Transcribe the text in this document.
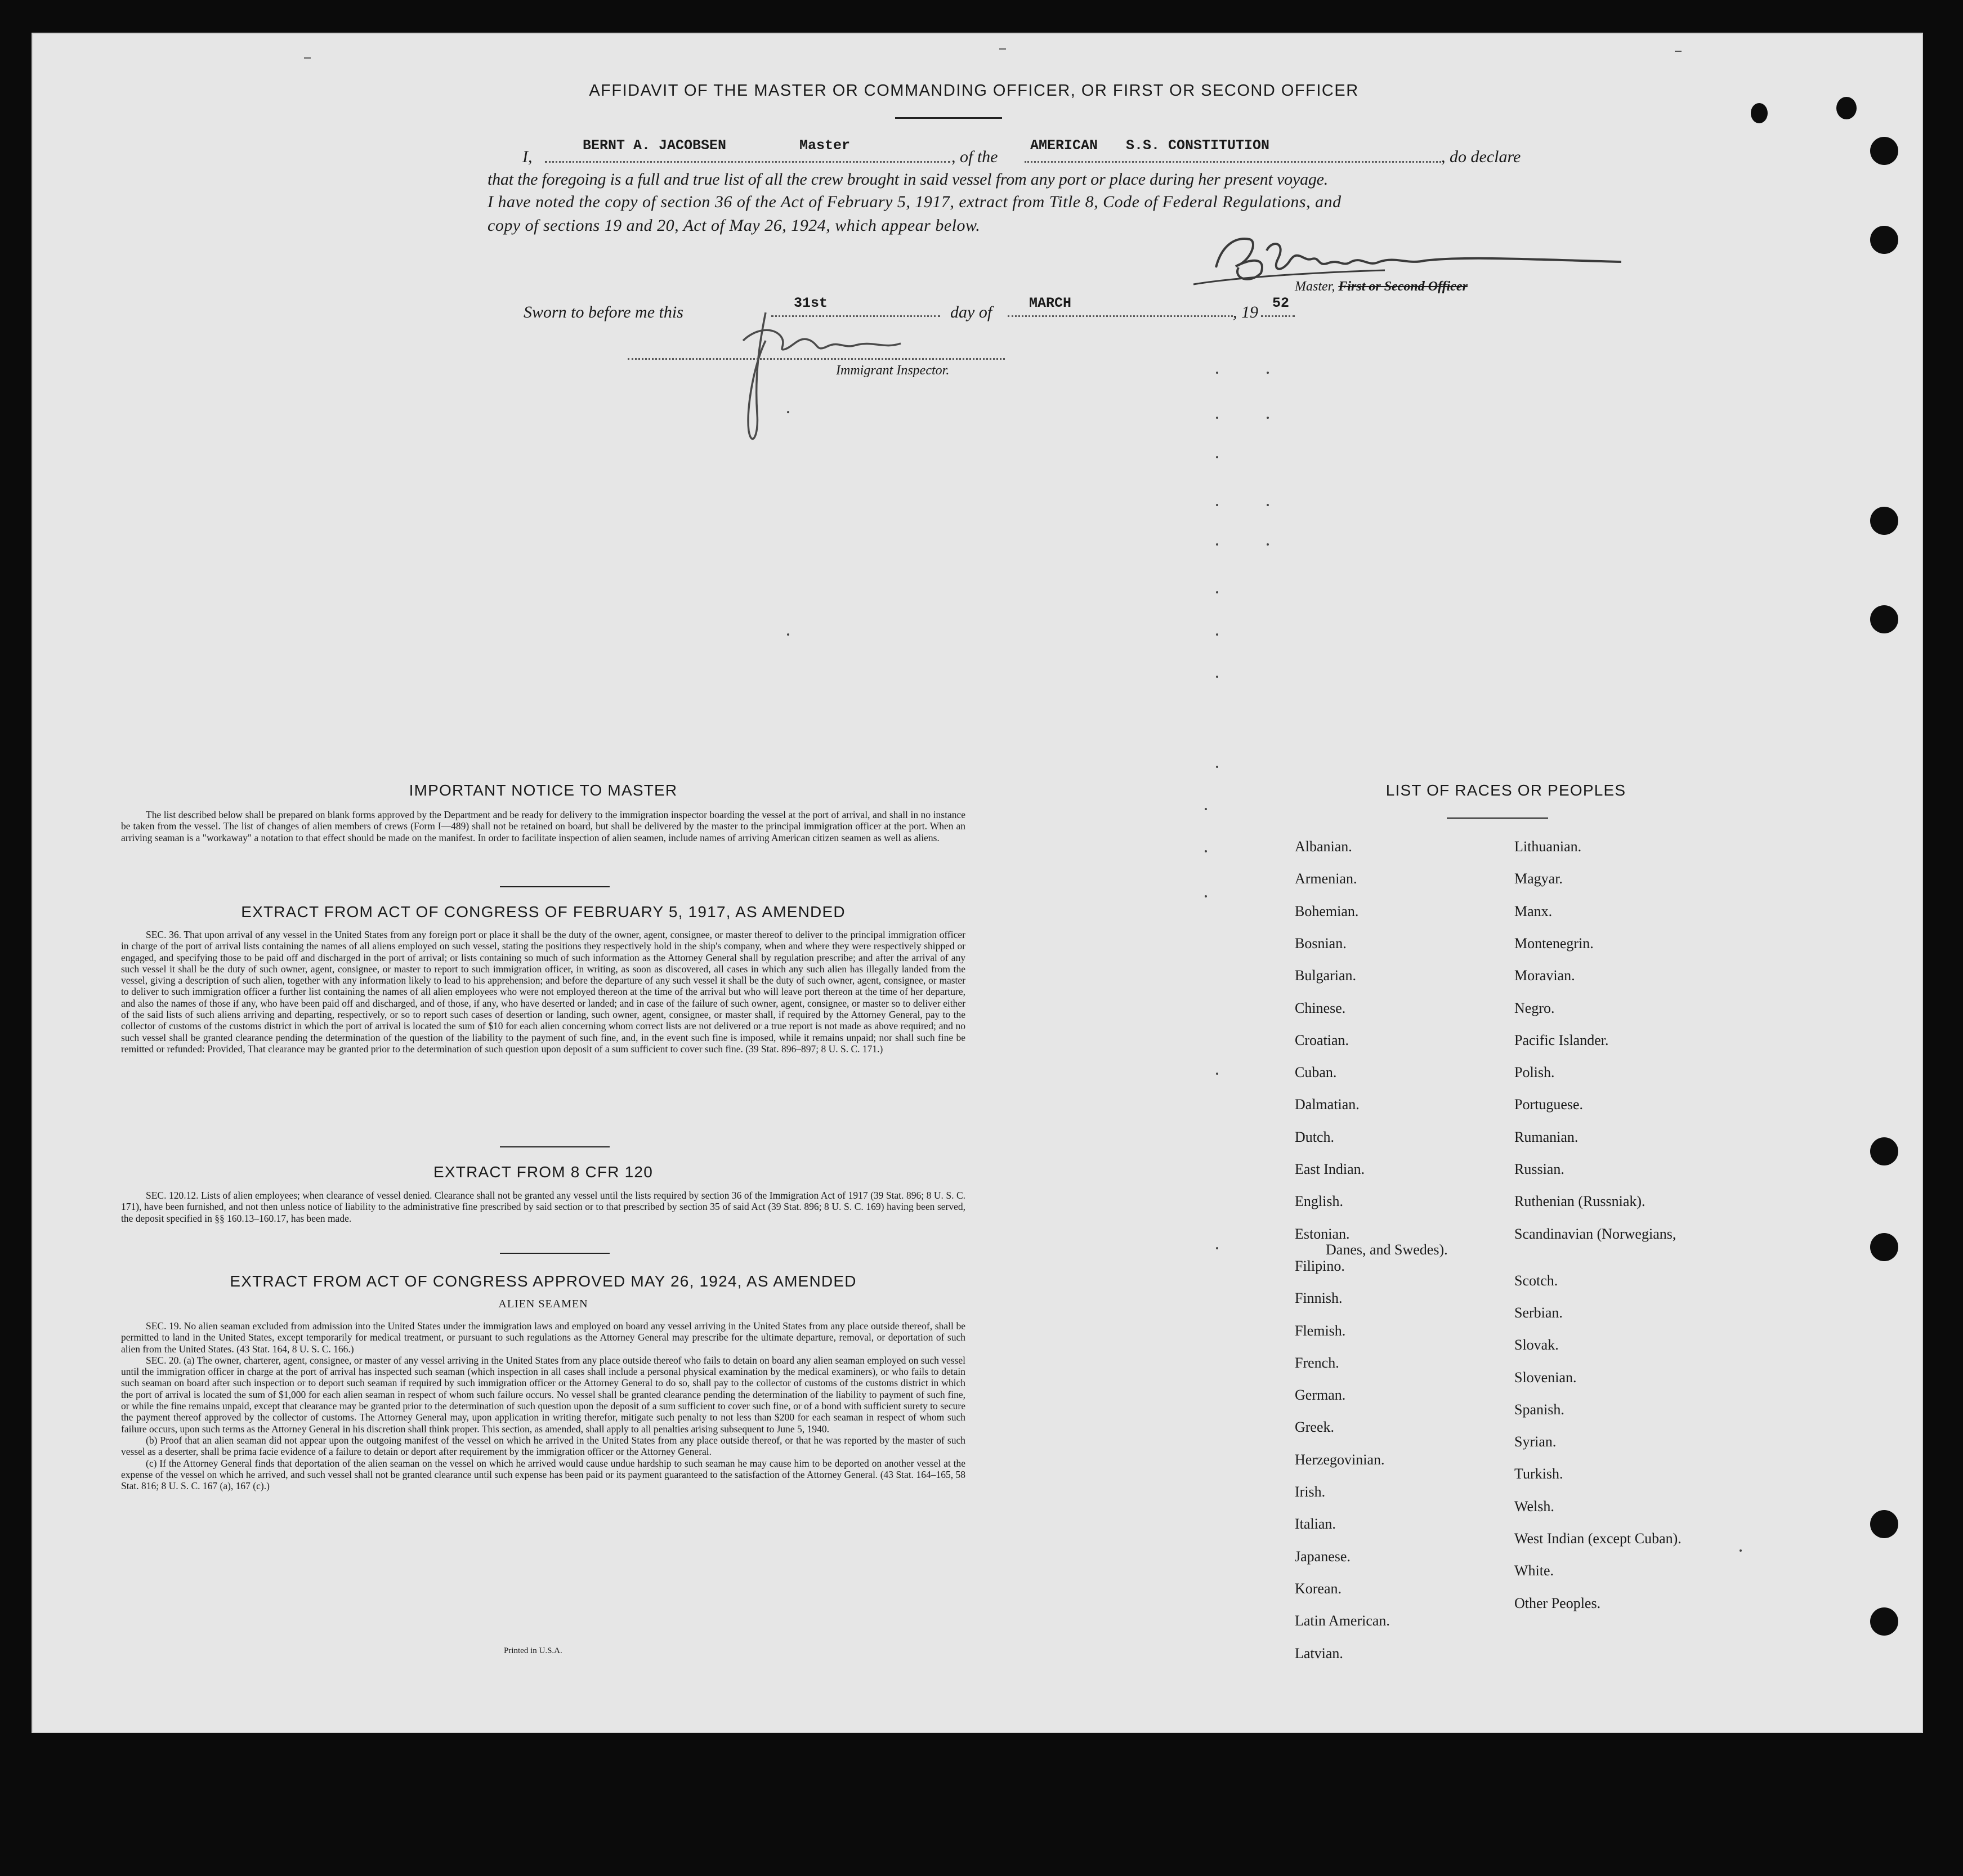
AFFIDAVIT OF THE MASTER OR COMMANDING OFFICER, OR FIRST OR SECOND OFFICER
I,
BERNT A. JACOBSEN	Master
, of the
AMERICAN S.S. CONSTITUTION
, do declare
that the foregoing is a full and true list of all the crew brought in said vessel from any port or place during her present voyage.
I have noted the copy of section 36 of the Act of February 5, 1917, extract from Title 8, Code of Federal Regulations, and
copy of sections 19 and 20, Act of May 26, 1924, which appear below.
Master, First or Second Officer
Sworn to before me this	31st	day of	MARCH	, 19 52
Immigrant Inspector.
IMPORTANT NOTICE TO MASTER

The list described below shall be prepared on blank forms approved by the Department and be ready for delivery to the immigration inspector boarding the vessel at the port of arrival, and shall in no instance be taken from the vessel. The list of changes of alien members of crews (Form I—489) shall not be retained on board, but shall be delivered by the master to the principal immigration officer at the port. When an arriving seaman is a "workaway" a notation to that effect should be made on the manifest. In order to facilitate inspection of alien seamen, include names of arriving American citizen seamen as well as aliens.

EXTRACT FROM ACT OF CONGRESS OF FEBRUARY 5, 1917, AS AMENDED

SEC. 36. That upon arrival of any vessel in the United States from any foreign port or place it shall be the duty of the owner, agent, consignee, or master thereof to deliver to the principal immigration officer in charge of the port of arrival lists containing the names of all aliens employed on such vessel, stating the positions they respectively hold in the ship's company, when and where they were respectively shipped or engaged, and specifying those to be paid off and discharged in the port of arrival; or lists containing so much of such information as the Attorney General shall by regulation prescribe; and after the arrival of any such vessel it shall be the duty of such owner, agent, consignee, or master to report to such immigration officer, in writing, as soon as discovered, all cases in which any such alien has illegally landed from the vessel, giving a description of such alien, together with any information likely to lead to his apprehension; and before the departure of any such vessel it shall be the duty of such owner, agent, consignee, or master to deliver to such immigration officer a further list containing the names of all alien employees who were not employed thereon at the time of the arrival but who will leave port thereon at the time of her departure, and also the names of those if any, who have been paid off and discharged, and of those, if any, who have deserted or landed; and in case of the failure of such owner, agent, consignee, or master so to deliver either of the said lists of such aliens arriving and departing, respectively, or so to report such cases of desertion or landing, such owner, agent, consignee, or master shall, if required by the Attorney General, pay to the collector of customs of the customs district in which the port of arrival is located the sum of $10 for each alien concerning whom correct lists are not delivered or a true report is not made as above required; and no such vessel shall be granted clearance pending the determination of the question of the liability to the payment of such fine, and, in the event such fine is imposed, while it remains unpaid; nor shall such fine be remitted or refunded: Provided, That clearance may be granted prior to the determination of such question upon deposit of a sum sufficient to cover such fine. (39 Stat. 896–897; 8 U. S. C. 171.)

EXTRACT FROM 8 CFR 120

SEC. 120.12. Lists of alien employees; when clearance of vessel denied. Clearance shall not be granted any vessel until the lists required by section 36 of the Immigration Act of 1917 (39 Stat. 896; 8 U. S. C. 171), have been furnished, and not then unless notice of liability to the administrative fine prescribed by said section or to that prescribed by section 35 of said Act (39 Stat. 896; 8 U. S. C. 169) having been served, the deposit specified in §§ 160.13–160.17, has been made.

EXTRACT FROM ACT OF CONGRESS APPROVED MAY 26, 1924, AS AMENDED
ALIEN SEAMEN

SEC. 19. No alien seaman excluded from admission into the United States under the immigration laws and employed on board any vessel arriving in the United States from any place outside thereof, shall be permitted to land in the United States, except temporarily for medical treatment, or pursuant to such regulations as the Attorney General may prescribe for the ultimate departure, removal, or deportation of such alien from the United States. (43 Stat. 164, 8 U. S. C. 166.)

SEC. 20. (a) The owner, charterer, agent, consignee, or master of any vessel arriving in the United States from any place outside thereof who fails to detain on board any alien seaman employed on such vessel until the immigration officer in charge at the port of arrival has inspected such seaman (which inspection in all cases shall include a personal physical examination by the medical examiners), or who fails to detain such seaman on board after such inspection or to deport such seaman if required by such immigration officer or the Attorney General to do so, shall pay to the collector of customs of the customs district in which the port of arrival is located the sum of $1,000 for each alien seaman in respect of whom such failure occurs. No vessel shall be granted clearance pending the determination of the liability to payment of such fine, or while the fine remains unpaid, except that clearance may be granted prior to the determination of such question upon the deposit of a sum sufficient to cover such fine, or of a bond with sufficient surety to secure the payment thereof approved by the collector of customs. The Attorney General may, upon application in writing therefor, mitigate such penalty to not less than $200 for each seaman in respect of whom such failure occurs, upon such terms as the Attorney General in his discretion shall think proper. This section, as amended, shall apply to all penalties arising subsequent to June 5, 1940.

(b) Proof that an alien seaman did not appear upon the outgoing manifest of the vessel on which he arrived in the United States from any place outside thereof, or that he was reported by the master of such vessel as a deserter, shall be prima facie evidence of a failure to detain or deport after requirement by the immigration officer or the Attorney General.

(c) If the Attorney General finds that deportation of the alien seaman on the vessel on which he arrived would cause undue hardship to such seaman he may cause him to be deported on another vessel at the expense of the vessel on which he arrived, and such vessel shall not be granted clearance until such expense has been paid or its payment guaranteed to the satisfaction of the Attorney General. (43 Stat. 164–165, 58 Stat. 816; 8 U. S. C. 167 (a), 167 (c).)

Printed in U.S.A.
LIST OF RACES OR PEOPLES
Albanian.
Armenian.
Bohemian.
Bosnian.
Bulgarian.
Chinese.
Croatian.
Cuban.
Dalmatian.
Dutch.
East Indian.
English.
Estonian.
Filipino.
Finnish.
Flemish.
French.
German.
Greek.
Herzegovinian.
Irish.
Italian.
Japanese.
Korean.
Latin American.
Latvian.
Lithuanian.
Magyar.
Manx.
Montenegrin.
Moravian.
Negro.
Pacific Islander.
Polish.
Portuguese.
Rumanian.
Russian.
Ruthenian (Russniak).
Scandinavian (Norwegians,
Danes, and Swedes).
Scotch.
Serbian.
Slovak.
Slovenian.
Spanish.
Syrian.
Turkish.
Welsh.
West Indian (except Cuban).
White.
Other Peoples.
